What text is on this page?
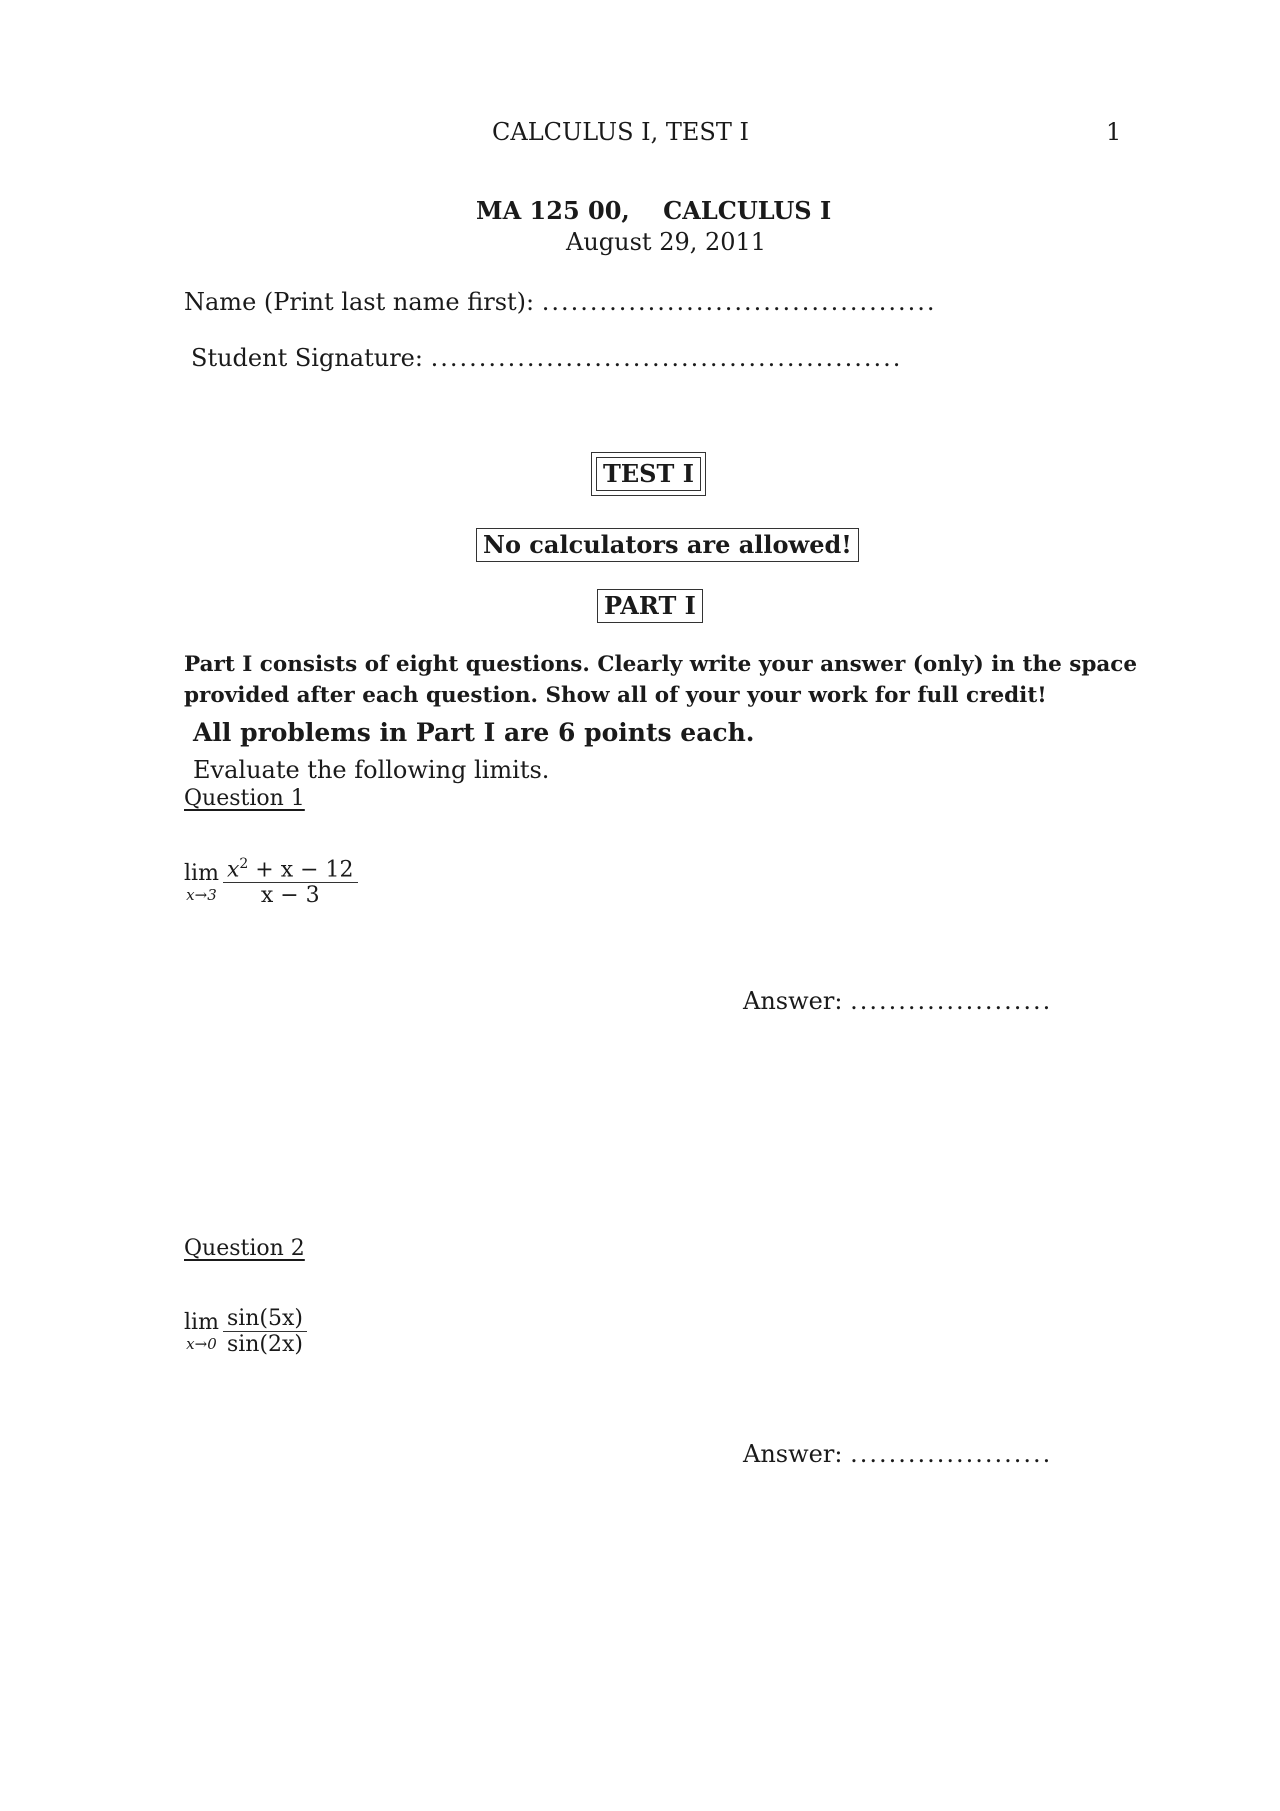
CALCULUS I, TEST I	1
MA 125 00,    CALCULUS I
August 29, 2011
Name (Print last name first): .........................................
Student Signature: .................................................
TEST I
No calculators are allowed!
PART I
Part I consists of eight questions. Clearly write your answer (only) in the space
provided after each question. Show all of your your work for full credit!
All problems in Part I are 6 points each.
Evaluate the following limits.
Question 1
lim
$x\to 3 \frac{x^2 + x - 12}{x - 3}$
Answer: .....................
Question 2
lim
$x\to 0 \frac{\sin(5x)}{\sin(2x)}$
Answer: .....................
